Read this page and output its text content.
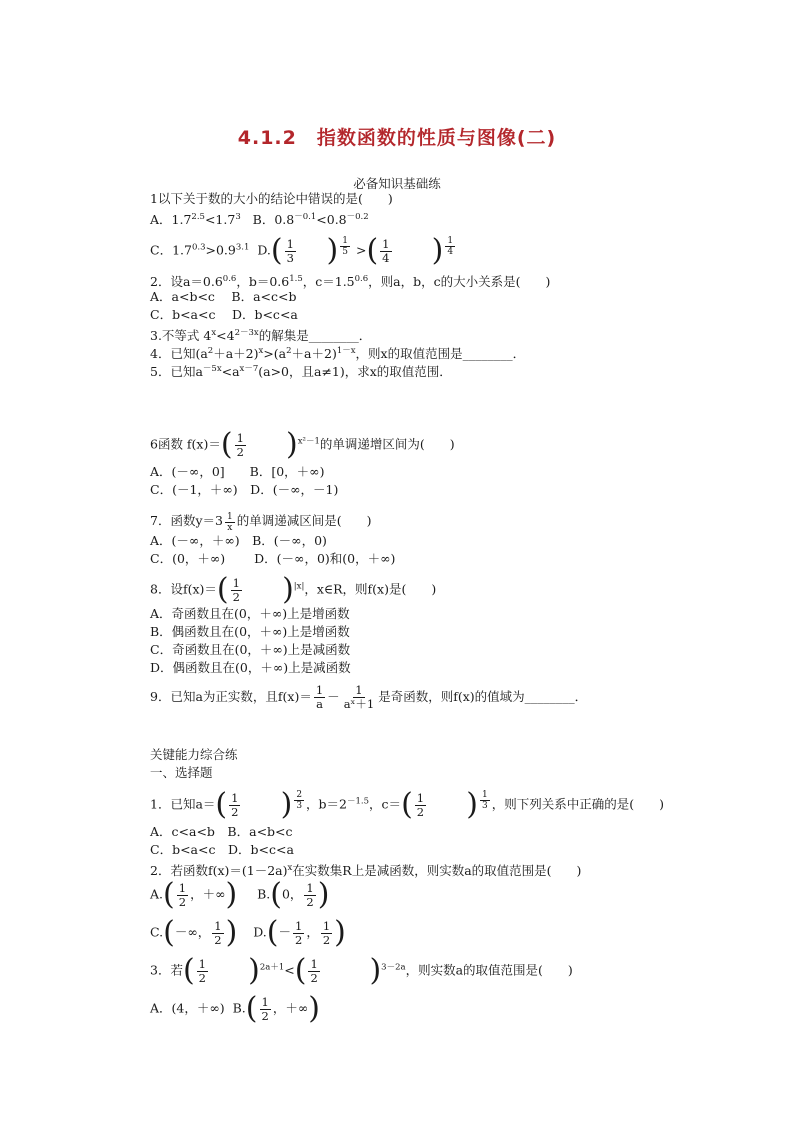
4.1.2　指数函数的性质与图像(二)
必备知识基础练
1以下关于数的大小的结论中错误的是(　　)
A．$1.7^{2.5}<1.7^3$ B．$0.8^{-0.1}<0.8^{-0.2}$
C．$1.7^{0.3}>0.9^{3.1}$ $D.( \frac{1}{3}$ ) $\frac{1}{5}$ >( $\frac{1}{4}$ ) $\frac{1}{4}$
2．设$a=0.6^{0.6}$，$b=0.6^{1.5}$，$c=1.5^{0.6}$，则a，b，c的大小关系是(　　)
A．a<b<c　 B．a<c<b
C．b<a<c　 D．b<c<a
3.不等式 $4^x<4^{2-3x}$的解集是________．
4．已知$(a^2+a+2)^x>(a^2+a+2)^{1-x}$，则x的取值范围是________．
5．已知$a^{-5x}<a^{x-7}(a>0$，且a≠1)，求x的取值范围．
6函数 $f(x)=( \frac{1}{2} )^{x^2-1}$的单调递增区间为(　　)
A．(－∞，0]　　B．[0，＋∞)
C．(－1，＋∞)　D．(－∞，－1)
7．函数$y=3 \frac{1}{x}$ 的单调递减区间是(　　)
A．(－∞，＋∞)　B．(－∞，0)
C．(0，＋∞)　　 D．(－∞，0)和(0，＋∞)
8．设$f(x)=( \frac{1}{2} )^{|x|}$，x∈R，则f(x)是(　　)
A．奇函数且在(0，＋∞)上是增函数
B．偶函数且在(0，＋∞)上是增函数
C．奇函数且在(0，＋∞)上是减函数
D．偶函数且在(0，＋∞)上是减函数
9．已知a为正实数，且$f(x)= \frac{1}{a} - \frac{1}{\text{aˣ＋1}}$ 是奇函数，则f(x)的值域为________．
关键能力综合练
一、选择题
1．已知$a=( \frac{1}{2}$ ) $\frac{2}{3}$ ，$b=2^{-1.5}$，$c=( \frac{1}{2}$ ) $\frac{1}{3}$ ，则下列关系中正确的是(　　)
A．c<a<b　B．a<b<c
C．b<a<c　D．b<c<a
2．若函数$f(x)=(1-2a)^x$在实数集R上是减函数，则实数a的取值范围是(　　)
$A.( \frac{1}{2}$ ，＋∞) B.(0， $\frac{1}{2}$ )
C.(－∞， $\frac{1}{2}$ ) $D.(- \frac{1}{2}$ ， $\frac{1}{2}$ )
3．若( $\frac{1}{2} )^{2a+1}<( \frac{1}{2} )^{3-2a}$，则实数a的取值范围是(　　)
A．(4，＋∞) $B.( \frac{1}{2}$ ，＋∞)
